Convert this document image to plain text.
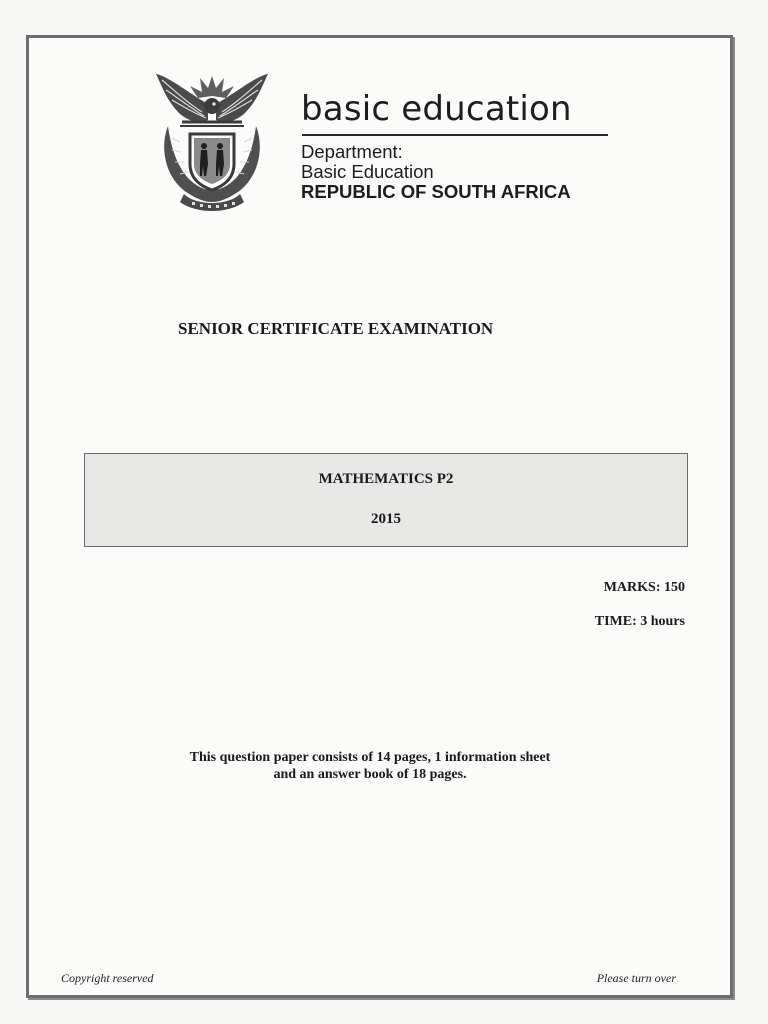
basic education
Department:
Basic Education
REPUBLIC OF SOUTH AFRICA
SENIOR CERTIFICATE EXAMINATION
MATHEMATICS P2
2015
MARKS: 150
TIME: 3 hours
This question paper consists of 14 pages, 1 information sheet
and an answer book of 18 pages.
Copyright reserved	Please turn over
